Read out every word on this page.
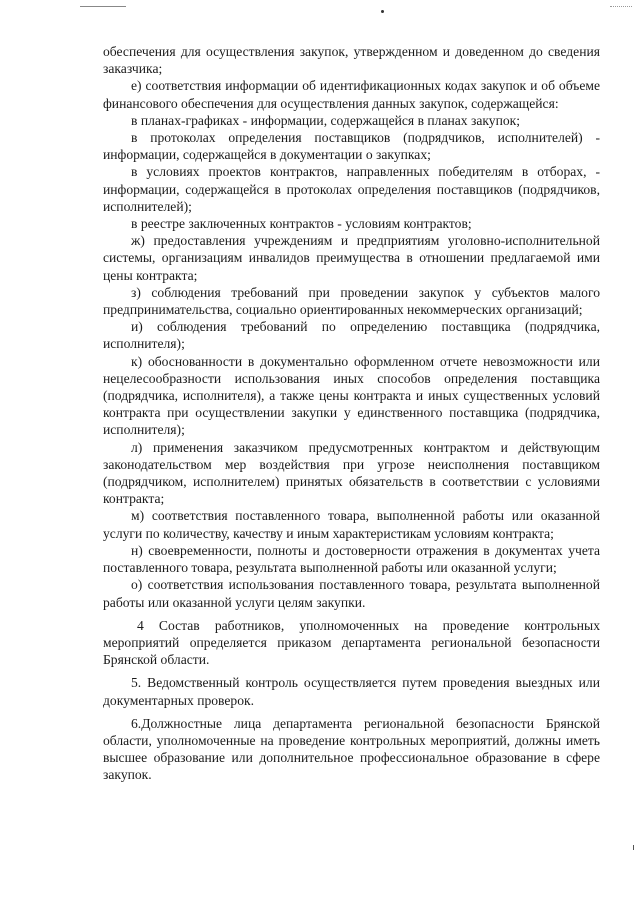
обеспечения для осуществления закупок, утвержденном и доведенном до сведения заказчика;

е) соответствия информации об идентификационных кодах закупок и об объеме финансового обеспечения для осуществления данных закупок, содержащейся:

в планах-графиках - информации, содержащейся в планах закупок;

в протоколах определения поставщиков (подрядчиков, исполнителей) - информации, содержащейся в документации о закупках;

в условиях проектов контрактов, направленных победителям в отборах, - информации, содержащейся в протоколах определения поставщиков (подрядчиков, исполнителей);

в реестре заключенных контрактов - условиям контрактов;

ж) предоставления учреждениям и предприятиям уголовно-исполнительной системы, организациям инвалидов преимущества в отношении предлагаемой ими цены контракта;

з) соблюдения требований при проведении закупок у субъектов малого предпринимательства, социально ориентированных некоммерческих организаций;

и) соблюдения требований по определению поставщика (подрядчика, исполнителя);

к) обоснованности в документально оформленном отчете невозможности или нецелесообразности использования иных способов определения поставщика (подрядчика, исполнителя), а также цены контракта и иных существенных условий контракта при осуществлении закупки у единственного поставщика (подрядчика, исполнителя);

л) применения заказчиком предусмотренных контрактом и действующим законодательством мер воздействия при угрозе неисполнения поставщиком (подрядчиком, исполнителем) принятых обязательств в соответствии с условиями контракта;

м) соответствия поставленного товара, выполненной работы или оказанной услуги по количеству, качеству и иным характеристикам условиям контракта;

н) своевременности, полноты и достоверности отражения в документах учета поставленного товара, результата выполненной работы или оказанной услуги;

о) соответствия использования поставленного товара, результата выполненной работы или оказанной услуги целям закупки.

4 Состав работников, уполномоченных на проведение контрольных мероприятий определяется приказом департамента региональной безопасности Брянской области.

5. Ведомственный контроль осуществляется путем проведения выездных или документарных проверок.

6.Должностные лица департамента региональной безопасности Брянской области, уполномоченные на проведение контрольных мероприятий, должны иметь высшее образование или дополнительное профессиональное образование в сфере закупок.
